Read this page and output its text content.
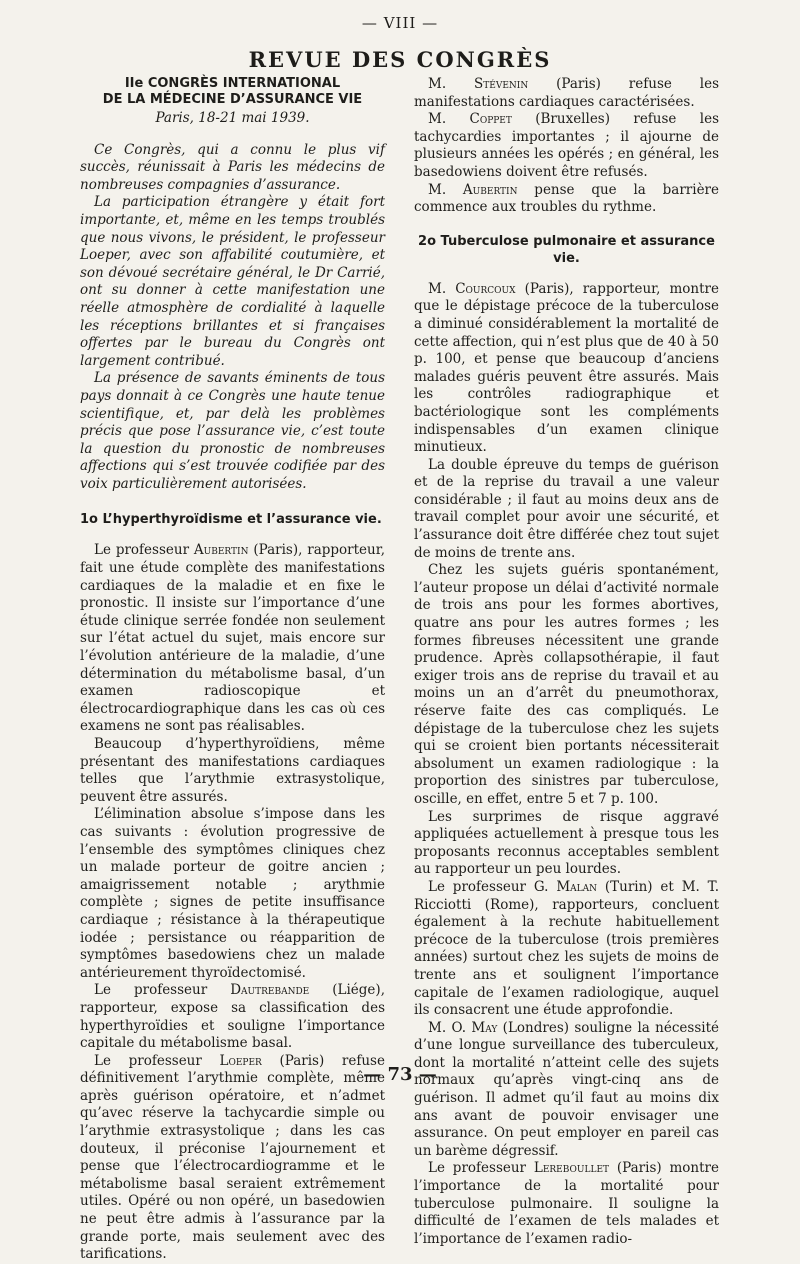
— VIII —
REVUE DES CONGRÈS

IIe CONGRÈS INTERNATIONAL

DE LA MÉDECINE D’ASSURANCE VIE

Paris, 18-21 mai 1939.

Ce Congrès, qui a connu le plus vif succès, réunissait à Paris les médecins de nombreuses compagnies d’assurance.

La participation étrangère y était fort importante, et, même en les temps troublés que nous vivons, le président, le professeur Loeper, avec son affabilité coutumière, et son dévoué secrétaire général, le Dr Carrié, ont su donner à cette manifestation une réelle atmosphère de cordialité à laquelle les réceptions brillantes et si françaises offertes par le bureau du Congrès ont largement contribué.

La présence de savants éminents de tous pays donnait à ce Congrès une haute tenue scientifique, et, par delà les problèmes précis que pose l’assurance vie, c’est toute la question du pronostic de nombreuses affections qui s’est trouvée codifiée par des voix particulièrement autorisées.

1o L’hyperthyroïdisme et l’assurance vie.

Le professeur Aubertin (Paris), rapporteur, fait une étude complète des manifestations cardiaques de la maladie et en fixe le pronostic. Il insiste sur l’importance d’une étude clinique serrée fondée non seulement sur l’état actuel du sujet, mais encore sur l’évolution antérieure de la maladie, d’une détermination du métabolisme basal, d’un examen radioscopique et électrocardiographique dans les cas où ces examens ne sont pas réalisables.

Beaucoup d’hyperthyroïdiens, même présentant des manifestations cardiaques telles que l’arythmie extrasystolique, peuvent être assurés.

L’élimination absolue s’impose dans les cas suivants : évolution progressive de l’ensemble des symptômes cliniques chez un malade porteur de goitre ancien ; amaigrissement notable ; arythmie complète ; signes de petite insuffisance cardiaque ; résistance à la thérapeutique iodée ; persistance ou réapparition de symptômes basedowiens chez un malade antérieurement thyroïdectomisé.

Le professeur Dautrebande (Liége), rapporteur, expose sa classification des hyperthyroïdies et souligne l’importance capitale du métabolisme basal.

Le professeur Loeper (Paris) refuse définitivement l’arythmie complète, même après guérison opératoire, et n’admet qu’avec réserve la tachycardie simple ou l’arythmie extrasystolique ; dans les cas douteux, il préconise l’ajournement et pense que l’électrocardiogramme et le métabolisme basal seraient extrêmement utiles. Opéré ou non opéré, un basedowien ne peut être admis à l’assurance par la grande porte, mais seulement avec des tarifications.

M. Stévenin (Paris) refuse les manifestations cardiaques caractérisées.

M. Coppet (Bruxelles) refuse les tachycardies importantes ; il ajourne de plusieurs années les opérés ; en général, les basedowiens doivent être refusés.

M. Aubertin pense que la barrière commence aux troubles du rythme.

2o Tuberculose pulmonaire et assurance vie.

M. Courcoux (Paris), rapporteur, montre que le dépistage précoce de la tuberculose a diminué considérablement la mortalité de cette affection, qui n’est plus que de 40 à 50 p. 100, et pense que beaucoup d’anciens malades guéris peuvent être assurés. Mais les contrôles radiographique et bactériologique sont les compléments indispensables d’un examen clinique minutieux.

La double épreuve du temps de guérison et de la reprise du travail a une valeur considérable ; il faut au moins deux ans de travail complet pour avoir une sécurité, et l’assurance doit être différée chez tout sujet de moins de trente ans.

Chez les sujets guéris spontanément, l’auteur propose un délai d’activité normale de trois ans pour les formes abortives, quatre ans pour les autres formes ; les formes fibreuses nécessitent une grande prudence. Après collapsothérapie, il faut exiger trois ans de reprise du travail et au moins un an d’arrêt du pneumothorax, réserve faite des cas compliqués. Le dépistage de la tuberculose chez les sujets qui se croient bien portants nécessiterait absolument un examen radiologique : la proportion des sinistres par tuberculose, oscille, en effet, entre 5 et 7 p. 100.

Les surprimes de risque aggravé appliquées actuellement à presque tous les proposants reconnus acceptables semblent au rapporteur un peu lourdes.

Le professeur G. Malan (Turin) et M. T. Ricciotti (Rome), rapporteurs, concluent également à la rechute habituellement précoce de la tuberculose (trois premières années) surtout chez les sujets de moins de trente ans et soulignent l’importance capitale de l’examen radiologique, auquel ils consacrent une étude approfondie.

M. O. May (Londres) souligne la nécessité d’une longue surveillance des tuberculeux, dont la mortalité n’atteint celle des sujets normaux qu’après vingt-cinq ans de guérison. Il admet qu’il faut au moins dix ans avant de pouvoir envisager une assurance. On peut employer en pareil cas un barème dégressif.

Le professeur Lereboullet (Paris) montre l’importance de la mortalité pour tuberculose pulmonaire. Il souligne la difficulté de l’examen de tels malades et l’importance de l’examen radio-

— 73 —
